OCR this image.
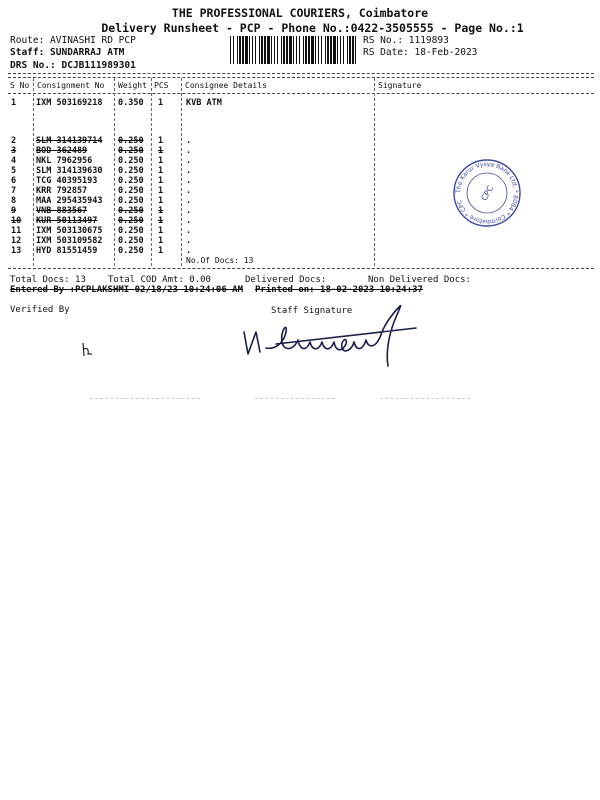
THE PROFESSIONAL COURIERS, Coimbatore
Delivery Runsheet - PCP - Phone No.:0422-3505555 - Page No.:1
Route: AVINASHI RD PCP
Staff: SUNDARRAJ ATM
DRS No.: DCJB111989301
RS No.: 1119893
RS Date: 18-Feb-2023
S No Consignment No Weight PCS Consignee Details	Signature
1 IXM 503169218 0.350 1	KVB ATM
2 SLM 314139714 0.250 1	.
3 BOD 362489	0.250 1	.
4 NKL 7962956	0.250 1	.
5 SLM 314139630 0.250 1	.
6 TCG 40395193 0.250 1	.
7 KRR 792857	0.250 1	.
8 MAA 295435943 0.250 1	.
9 VNB 883567	0.250 1	.
10 KUR 50113497 0.250 1	.
11 IXM 503130675 0.250 1	.
12 IXM 503109582 0.250 1	.
13 HYD 81551459 0.250 1	.
No.Of Docs: 13
Total Docs: 13 Total COD Amt: 0.00	Delivered Docs:	Non Delivered Docs:
Entered By :PCPLAKSHMI 02/18/23 10:24:06 AM Printed on: 18-02-2023 10:24:37
Verified By	Staff Signature
The Karur Vysya Bank Ltd. * 8084 * Coimbatore * CPC	CPC
